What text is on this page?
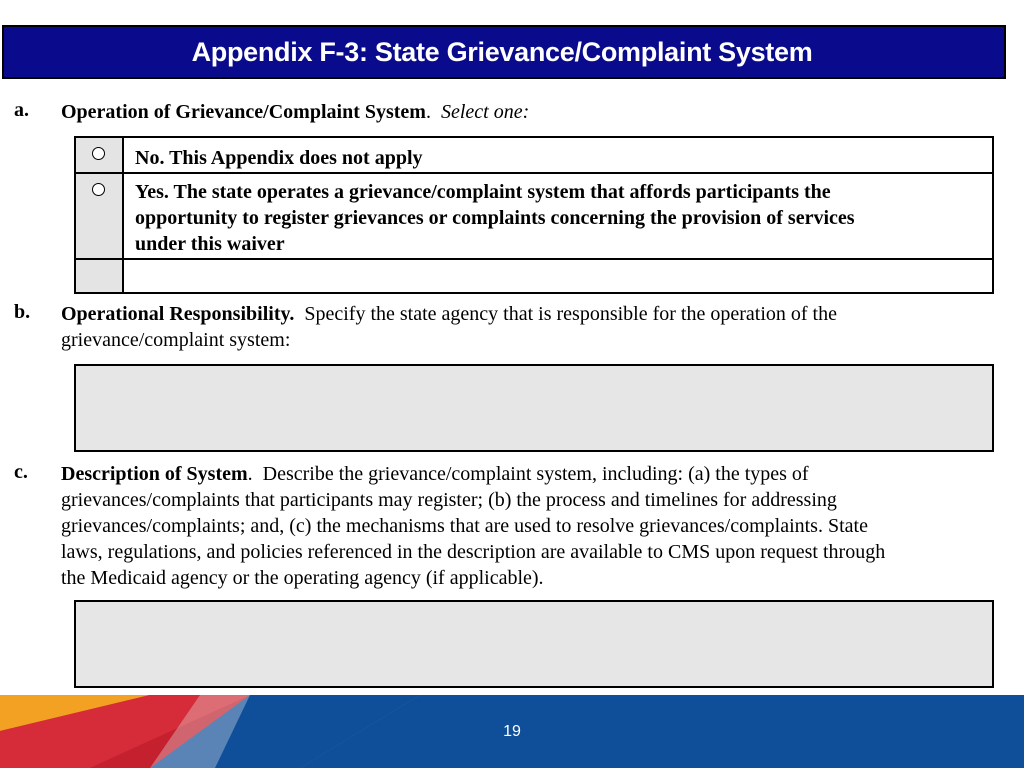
Appendix F-3: State Grievance/Complaint System
a. Operation of Grievance/Complaint System. Select one:
No. This Appendix does not apply
Yes. The state operates a grievance/complaint system that affords participants the
opportunity to register grievances or complaints concerning the provision of services
under this waiver
b. Operational Responsibility. Specify the state agency that is responsible for the operation of the
grievance/complaint system:
c. Description of System. Describe the grievance/complaint system, including: (a) the types of
grievances/complaints that participants may register; (b) the process and timelines for addressing
grievances/complaints; and, (c) the mechanisms that are used to resolve grievances/complaints. State
laws, regulations, and policies referenced in the description are available to CMS upon request through
the Medicaid agency or the operating agency (if applicable).
19
